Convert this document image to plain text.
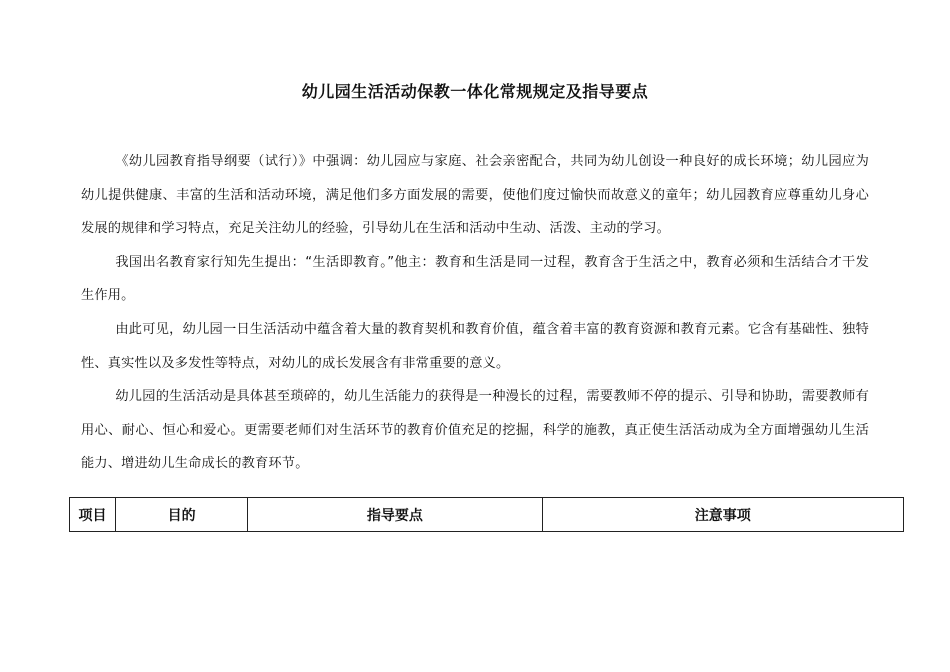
幼儿园生活活动保教一体化常规规定及指导要点

《幼儿园教育指导纲要（试行）》中强调：幼儿园应与家庭、社会亲密配合，共同为幼儿创设一种良好的成长环境；幼儿园应为幼儿提供健康、丰富的生活和活动环境，满足他们多方面发展的需要，使他们度过愉快而故意义的童年；幼儿园教育应尊重幼儿身心发展的规律和学习特点，充足关注幼儿的经验，引导幼儿在生活和活动中生动、活泼、主动的学习。

我国出名教育家行知先生提出：“生活即教育。”他主：教育和生活是同一过程，教育含于生活之中，教育必须和生活结合才干发生作用。

由此可见，幼儿园一日生活活动中蕴含着大量的教育契机和教育价值，蕴含着丰富的教育资源和教育元素。它含有基础性、独特性、真实性以及多发性等特点，对幼儿的成长发展含有非常重要的意义。

幼儿园的生活活动是具体甚至琐碎的，幼儿生活能力的获得是一种漫长的过程，需要教师不停的提示、引导和协助，需要教师有用心、耐心、恒心和爱心。更需要老师们对生活环节的教育价值充足的挖掘，科学的施教，真正使生活活动成为全方面增强幼儿生活能力、增进幼儿生命成长的教育环节。

项目	目的	指导要点	注意事项
